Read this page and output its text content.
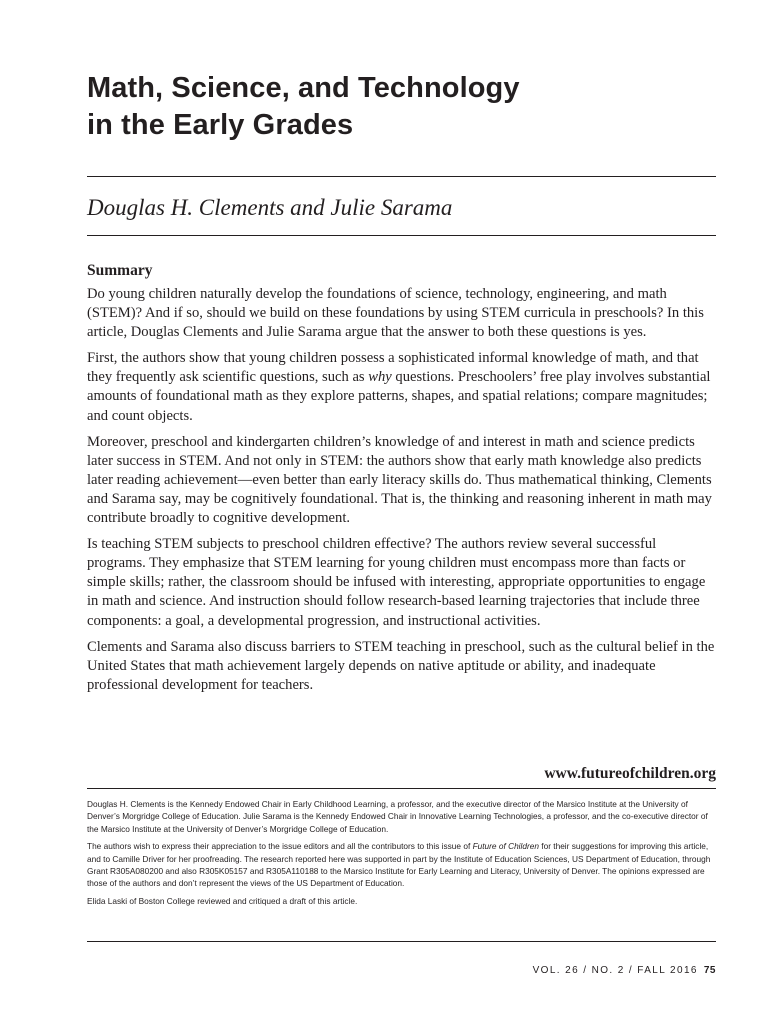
Math, Science, and Technology
in the Early Grades
Douglas H. Clements and Julie Sarama
Summary

Do young children naturally develop the foundations of science, technology, engineering, and math (STEM)? And if so, should we build on these foundations by using STEM curricula in preschools? In this article, Douglas Clements and Julie Sarama argue that the answer to both these questions is yes.

First, the authors show that young children possess a sophisticated informal knowledge of math, and that they frequently ask scientific questions, such as why questions. Preschoolers’ free play involves substantial amounts of foundational math as they explore patterns, shapes, and spatial relations; compare magnitudes; and count objects.

Moreover, preschool and kindergarten children’s knowledge of and interest in math and science predicts later success in STEM. And not only in STEM: the authors show that early math knowledge also predicts later reading achievement—even better than early literacy skills do. Thus mathematical thinking, Clements and Sarama say, may be cognitively foundational. That is, the thinking and reasoning inherent in math may contribute broadly to cognitive development.

Is teaching STEM subjects to preschool children effective? The authors review several successful programs. They emphasize that STEM learning for young children must encompass more than facts or simple skills; rather, the classroom should be infused with interesting, appropriate opportunities to engage in math and science. And instruction should follow research-based learning trajectories that include three components: a goal, a developmental progression, and instructional activities.

Clements and Sarama also discuss barriers to STEM teaching in preschool, such as the cultural belief in the United States that math achievement largely depends on native aptitude or ability, and inadequate professional development for teachers.

www.futureofchildren.org

Douglas H. Clements is the Kennedy Endowed Chair in Early Childhood Learning, a professor, and the executive director of the Marsico Institute at the University of Denver’s Morgridge College of Education. Julie Sarama is the Kennedy Endowed Chair in Innovative Learning Technologies, a professor, and the co-executive director of the Marsico Institute at the University of Denver’s Morgridge College of Education.

The authors wish to express their appreciation to the issue editors and all the contributors to this issue of Future of Children for their suggestions for improving this article, and to Camille Driver for her proofreading. The research reported here was supported in part by the Institute of Education Sciences, US Department of Education, through Grant R305A080200 and also R305K05157 and R305A110188 to the Marsico Institute for Early Learning and Literacy, University of Denver. The opinions expressed are those of the authors and don’t represent the views of the US Department of Education.

Elida Laski of Boston College reviewed and critiqued a draft of this article.

VOL. 26 / NO. 2 / FALL 2016 75
